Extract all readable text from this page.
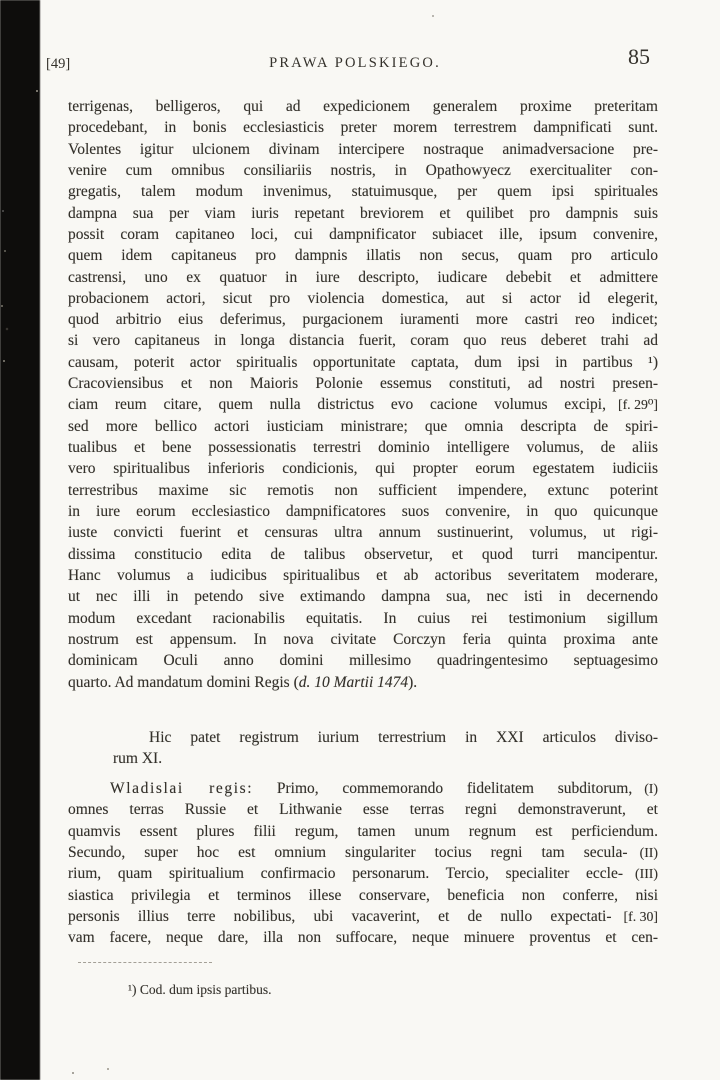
[49]	PRAWA POLSKIEGO.	85
terrigenas, belligeros, qui ad expedicionem generalem proxime preteritam
procedebant, in bonis ecclesiasticis preter morem terrestrem dampnificati sunt.
Volentes igitur ulcionem divinam intercipere nostraque animadversacione pre-
venire cum omnibus consiliariis nostris, in Opathowyecz exercitualiter con-
gregatis, talem modum invenimus, statuimusque, per quem ipsi spirituales
dampna sua per viam iuris repetant breviorem et quilibet pro dampnis suis
possit coram capitaneo loci, cui dampnificator subiacet ille, ipsum convenire,
quem idem capitaneus pro dampnis illatis non secus, quam pro articulo
castrensi, uno ex quatuor in iure descripto, iudicare debebit et admittere
probacionem actori, sicut pro violencia domestica, aut si actor id elegerit,
quod arbitrio eius deferimus, purgacionem iuramenti more castri reo indicet;
si vero capitaneus in longa distancia fuerit, coram quo reus deberet trahi ad
causam, poterit actor spiritualis opportunitate captata, dum ipsi in partibus ¹)
Cracoviensibus et non Maioris Polonie essemus constituti, ad nostri presen-
ciam reum citare, quem nulla districtus evo cacione volumus excipi, [f. 29⁰]
sed more bellico actori iusticiam ministrare; que omnia descripta de spiri-
tualibus et bene possessionatis terrestri dominio intelligere volumus, de aliis
vero spiritualibus inferioris condicionis, qui propter eorum egestatem iudiciis
terrestribus maxime sic remotis non sufficient impendere, extunc poterint
in iure eorum ecclesiastico dampnificatores suos convenire, in quo quicunque
iuste convicti fuerint et censuras ultra annum sustinuerint, volumus, ut rigi-
dissima constitucio edita de talibus observetur, et quod turri mancipentur.
Hanc volumus a iudicibus spiritualibus et ab actoribus severitatem moderare,
ut nec illi in petendo sive extimando dampna sua, nec isti in decernendo
modum excedant racionabilis equitatis. In cuius rei testimonium sigillum
nostrum est appensum. In nova civitate Corczyn feria quinta proxima ante
dominicam Oculi anno domini millesimo quadringentesimo septuagesimo
quarto. Ad mandatum domini Regis (d. 10 Martii 1474).
Hic patet registrum iurium terrestrium in XXI articulos diviso-
rum XI.
Wladislai regis: Primo, commemorando fidelitatem subditorum, (I)
omnes terras Russie et Lithwanie esse terras regni demonstraverunt, et
quamvis essent plures filii regum, tamen unum regnum est perficiendum.
Secundo, super hoc est omnium singulariter tocius regni tam secula- (II)
rium, quam spiritualium confirmacio personarum. Tercio, specialiter eccle- (III)
siastica privilegia et terminos illese conservare, beneficia non conferre, nisi
personis illius terre nobilibus, ubi vacaverint, et de nullo expectati- [f. 30]
vam facere, neque dare, illa non suffocare, neque minuere proventus et cen-
¹) Cod. dum ipsis partibus.
